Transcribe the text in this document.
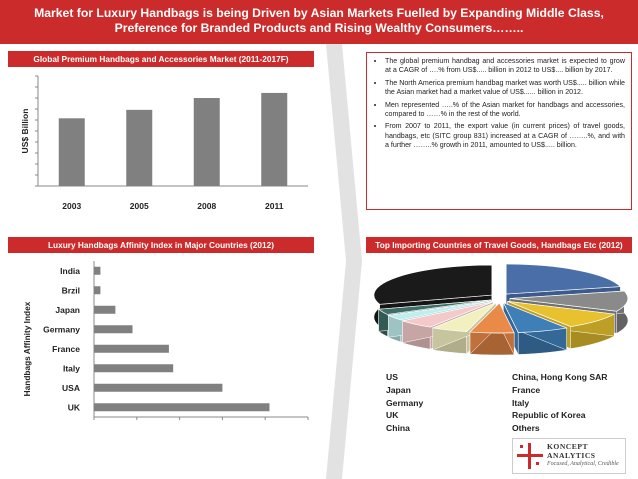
Market for Luxury Handbags is being Driven by Asian Markets Fuelled by Expanding Middle Class,
Preference for Branded Products and Rising Wealthy Consumers……..
Global Premium Handbags and Accessories Market (2011-2017F)
Luxury Handbags Affinity Index in Major Countries (2012)	Top Importing Countries of Travel Goods, Handbags Etc (2012)
• The global premium handbag and accessories market is expected to grow at a CAGR of ….% from US$..... billion in 2012 to US$.... billion by 2017.
• The North America premium handbag market was worth US$..... billion while the Asian market had a market value of US$...... billion in 2012.
• Men represented …..% of the Asian market for handbags and accessories, compared to ……% in the rest of the world.
• From 2007 to 2011, the export value (in current prices) of travel goods, handbags, etc (SITC group 831) increased at a CAGR of ……..%, and with a further ……..% growth in 2011, amounted to US$..... billion.
US$ Billion
2003	2005	2008	2011
Handbags Affinity Index
India
Brzil
Japan
Germany
France
Italy
USA
UK
US
Japan
Germany
UK
China
China, Hong Kong SAR
France
Italy
Republic of Korea
Others
KONCEPT
ANALYTICS
Focused, Analytical, Credible
